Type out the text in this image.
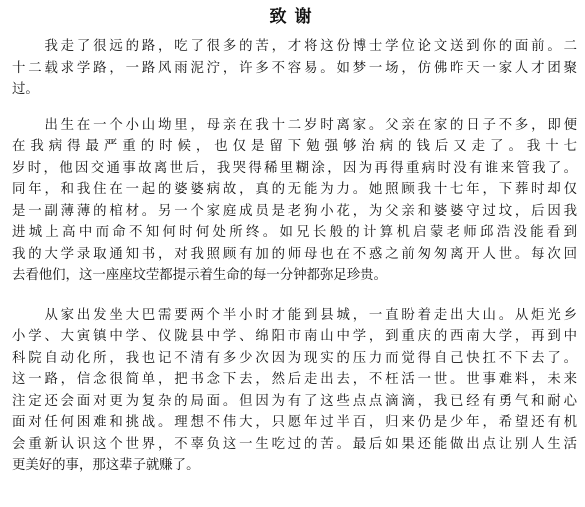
致谢
　　我走了很远的路，吃了很多的苦，才将这份博士学位论文送到你的面前。二
十二载求学路，一路风雨泥泞，许多不容易。如梦一场，仿佛昨天一家人才团聚
过。
　　出生在一个小山坳里，母亲在我十二岁时离家。父亲在家的日子不多，即便
在我病得最严重的时候，也仅是留下勉强够治病的钱后又走了。我十七
岁时，他因交通事故离世后，我哭得稀里糊涂，因为再得重病时没有谁来管我了。
同年，和我住在一起的婆婆病故，真的无能为力。她照顾我十七年，下葬时却仅
是一副薄薄的棺材。另一个家庭成员是老狗小花，为父亲和婆婆守过坟，后因我
进城上高中而命不知何时何处所终。如兄长般的计算机启蒙老师邱浩没能看到
我的大学录取通知书，对我照顾有加的师母也在不惑之前匆匆离开人世。每次回
去看他们，这一座座坟茔都提示着生命的每一分钟都弥足珍贵。
　　从家出发坐大巴需要两个半小时才能到县城，一直盼着走出大山。从炬光乡
小学、大寅镇中学、仪陇县中学、绵阳市南山中学，到重庆的西南大学，再到中
科院自动化所，我也记不清有多少次因为现实的压力而觉得自己快扛不下去了。
这一路，信念很简单，把书念下去，然后走出去，不枉活一世。世事难料，未来
注定还会面对更为复杂的局面。但因为有了这些点点滴滴，我已经有勇气和耐心
面对任何困难和挑战。理想不伟大，只愿年过半百，归来仍是少年，希望还有机
会重新认识这个世界，不辜负这一生吃过的苦。最后如果还能做出点让别人生活
更美好的事，那这辈子就赚了。
